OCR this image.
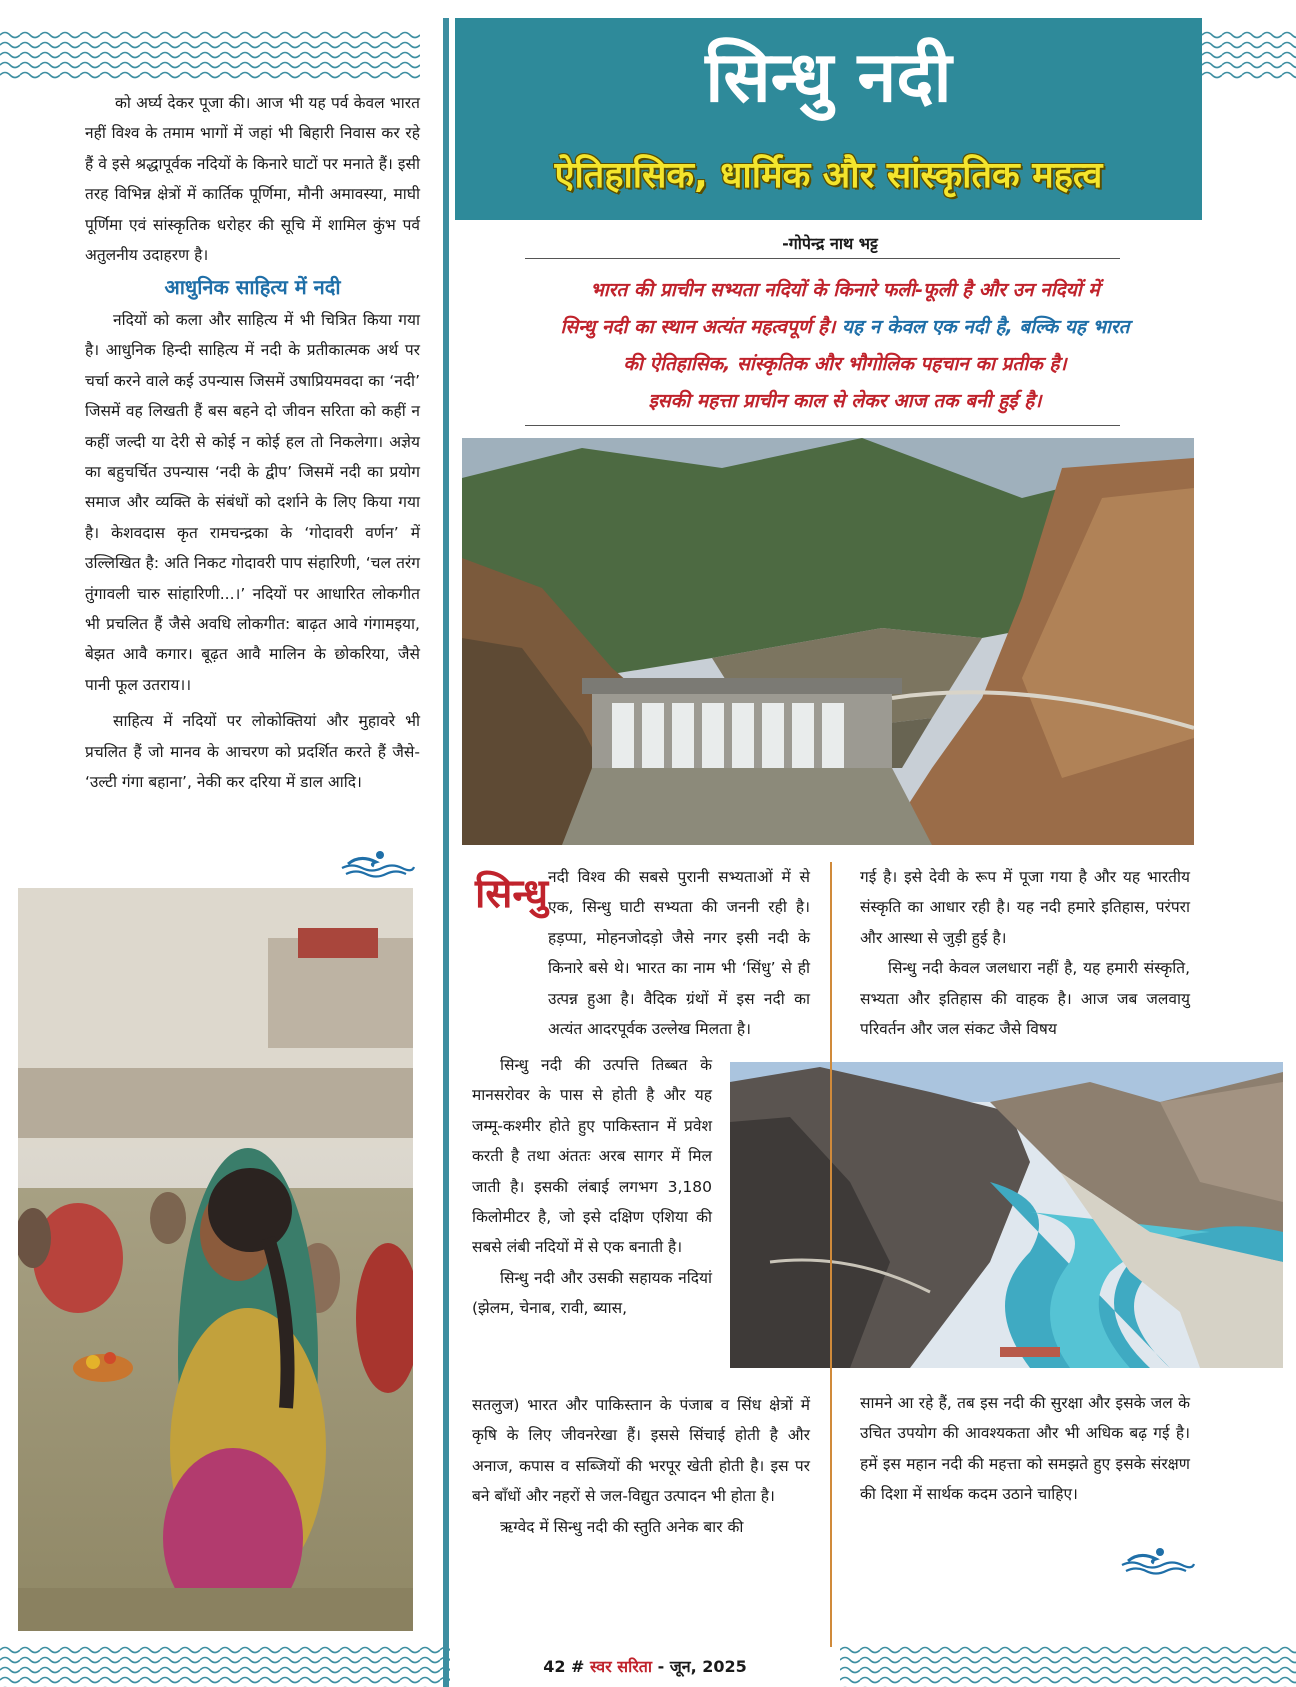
सिन्धु नदी
ऐतिहासिक, धार्मिक और सांस्कृतिक महत्व
-गोपेन्द्र नाथ भट्ट
भारत की प्राचीन सभ्यता नदियों के किनारे फली-फूली है और उन नदियों में
सिन्धु नदी का स्थान अत्यंत महत्वपूर्ण है। यह न केवल एक नदी है, बल्कि यह भारत
की ऐतिहासिक, सांस्कृतिक और भौगोलिक पहचान का प्रतीक है।
इसकी महत्ता प्राचीन काल से लेकर आज तक बनी हुई है।

को अर्घ्य देकर पूजा की। आज भी यह पर्व केवल भारत नहीं विश्व के तमाम भागों में जहां भी बिहारी निवास कर रहे हैं वे इसे श्रद्धापूर्वक नदियों के किनारे घाटों पर मनाते हैं। इसी तरह विभिन्न क्षेत्रों में कार्तिक पूर्णिमा, मौनी अमावस्या, माघी पूर्णिमा एवं सांस्कृतिक धरोहर की सूचि में शामिल कुंभ पर्व अतुलनीय उदाहरण है।

आधुनिक साहित्य में नदी

नदियों को कला और साहित्य में भी चित्रित किया गया है। आधुनिक हिन्दी साहित्य में नदी के प्रतीकात्मक अर्थ पर चर्चा करने वाले कई उपन्यास जिसमें उषाप्रियमवदा का ‘नदी’ जिसमें वह लिखती हैं बस बहने दो जीवन सरिता को कहीं न कहीं जल्दी या देरी से कोई न कोई हल तो निकलेगा। अज्ञेय का बहुचर्चित उपन्यास ‘नदी के द्वीप’ जिसमें नदी का प्रयोग समाज और व्यक्ति के संबंधों को दर्शाने के लिए किया गया है। केशवदास कृत रामचन्द्रका के ‘गोदावरी वर्णन’ में उल्लिखित है: अति निकट गोदावरी पाप संहारिणी, ‘चल तरंग तुंगावली चारु सांहारिणी...।’ नदियों पर आधारित लोकगीत भी प्रचलित हैं जैसे अवधि लोकगीत: बाढ़त आवे गंगामइया, बेझत आवै कगार। बूढ़त आवै मालिन के छोकरिया, जैसे पानी फूल उतराय।।

साहित्य में नदियों पर लोकोक्तियां और मुहावरे भी प्रचलित हैं जो मानव के आचरण को प्रदर्शित करते हैं जैसे- ‘उल्टी गंगा बहाना’, नेकी कर दरिया में डाल आदि।

सिन्धु नदी विश्व की सबसे पुरानी सभ्यताओं में से एक, सिन्धु घाटी सभ्यता की जननी रही है। हड़प्पा, मोहनजोदड़ो जैसे नगर इसी नदी के किनारे बसे थे। भारत का नाम भी ‘सिंधु’ से ही उत्पन्न हुआ है। वैदिक ग्रंथों में इस नदी का अत्यंत आदरपूर्वक उल्लेख मिलता है।

सिन्धु नदी की उत्पत्ति तिब्बत के मानसरोवर के पास से होती है और यह जम्मू-कश्मीर होते हुए पाकिस्तान में प्रवेश करती है तथा अंततः अरब सागर में मिल जाती है। इसकी लंबाई लगभग 3,180 किलोमीटर है, जो इसे दक्षिण एशिया की सबसे लंबी नदियों में से एक बनाती है।

सिन्धु नदी और उसकी सहायक नदियां (झेलम, चेनाब, रावी, ब्यास,

सतलुज) भारत और पाकिस्तान के पंजाब व सिंध क्षेत्रों में कृषि के लिए जीवनरेखा हैं। इससे सिंचाई होती है और अनाज, कपास व सब्जियों की भरपूर खेती होती है। इस पर बने बाँधों और नहरों से जल-विद्युत उत्पादन भी होता है।

ऋग्वेद में सिन्धु नदी की स्तुति अनेक बार की

गई है। इसे देवी के रूप में पूजा गया है और यह भारतीय संस्कृति का आधार रही है। यह नदी हमारे इतिहास, परंपरा और आस्था से जुड़ी हुई है।

सिन्धु नदी केवल जलधारा नहीं है, यह हमारी संस्कृति, सभ्यता और इतिहास की वाहक है। आज जब जलवायु परिवर्तन और जल संकट जैसे विषय

सामने आ रहे हैं, तब इस नदी की सुरक्षा और इसके जल के उचित उपयोग की आवश्यकता और भी अधिक बढ़ गई है। हमें इस महान नदी की महत्ता को समझते हुए इसके संरक्षण की दिशा में सार्थक कदम उठाने चाहिए।

42 # स्वर सरिता - जून, 2025
